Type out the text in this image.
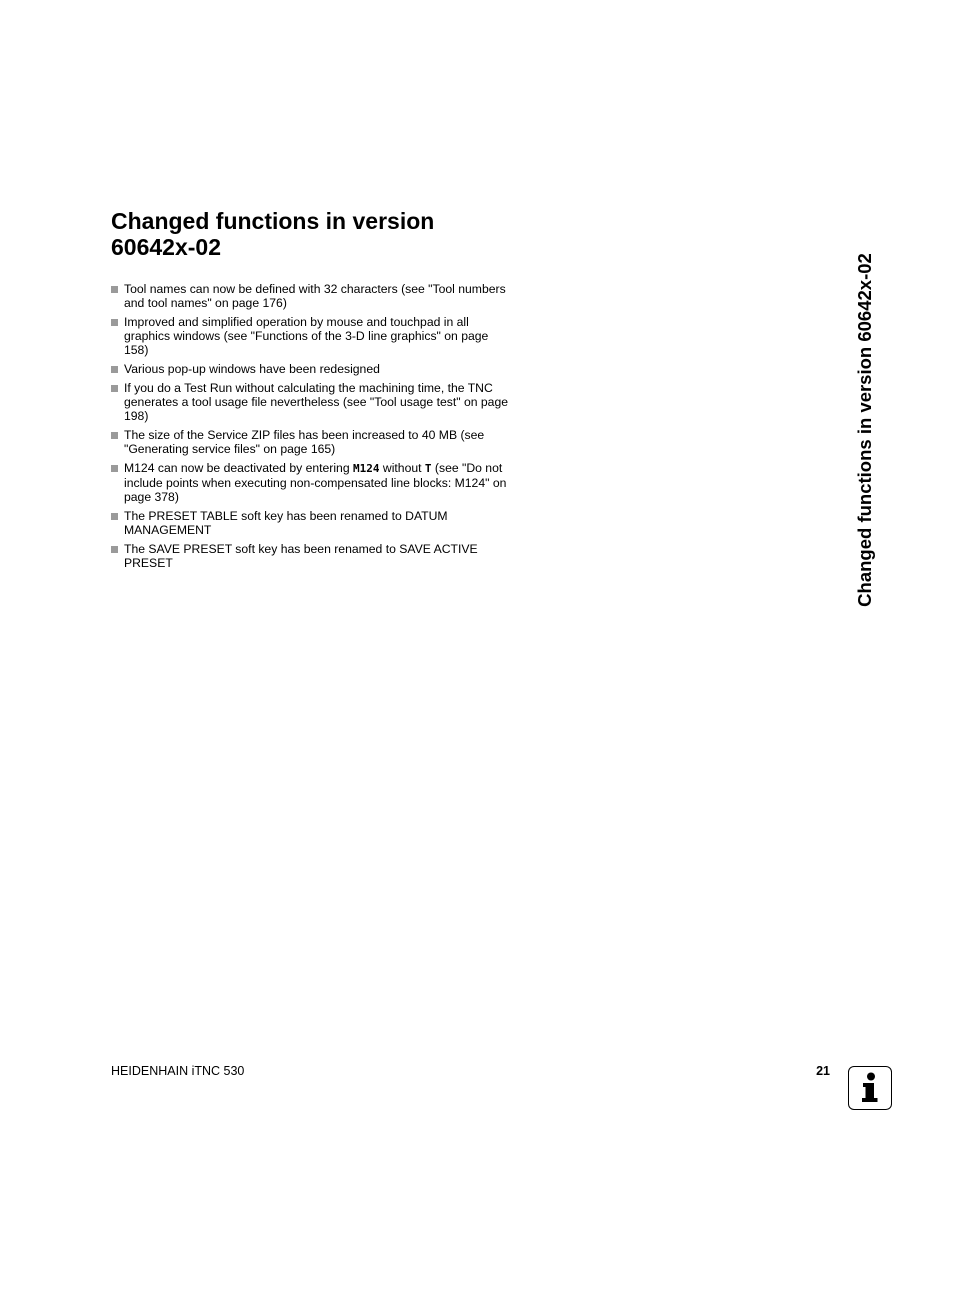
Changed functions in version
60642x-02
Tool names can now be defined with 32 characters (see "Tool numbers and tool names" on page 176)
Improved and simplified operation by mouse and touchpad in all graphics windows (see "Functions of the 3-D line graphics" on page 158)
Various pop-up windows have been redesigned
If you do a Test Run without calculating the machining time, the TNC generates a tool usage file nevertheless (see "Tool usage test" on page 198)
The size of the Service ZIP files has been increased to 40 MB (see "Generating service files" on page 165)
M124 can now be deactivated by entering M124 without T (see "Do not include points when executing non-compensated line blocks: M124" on page 378)
The PRESET TABLE soft key has been renamed to DATUM MANAGEMENT
The SAVE PRESET soft key has been renamed to SAVE ACTIVE PRESET	Changed functions in version 60642x-02
HEIDENHAIN iTNC 530	21
